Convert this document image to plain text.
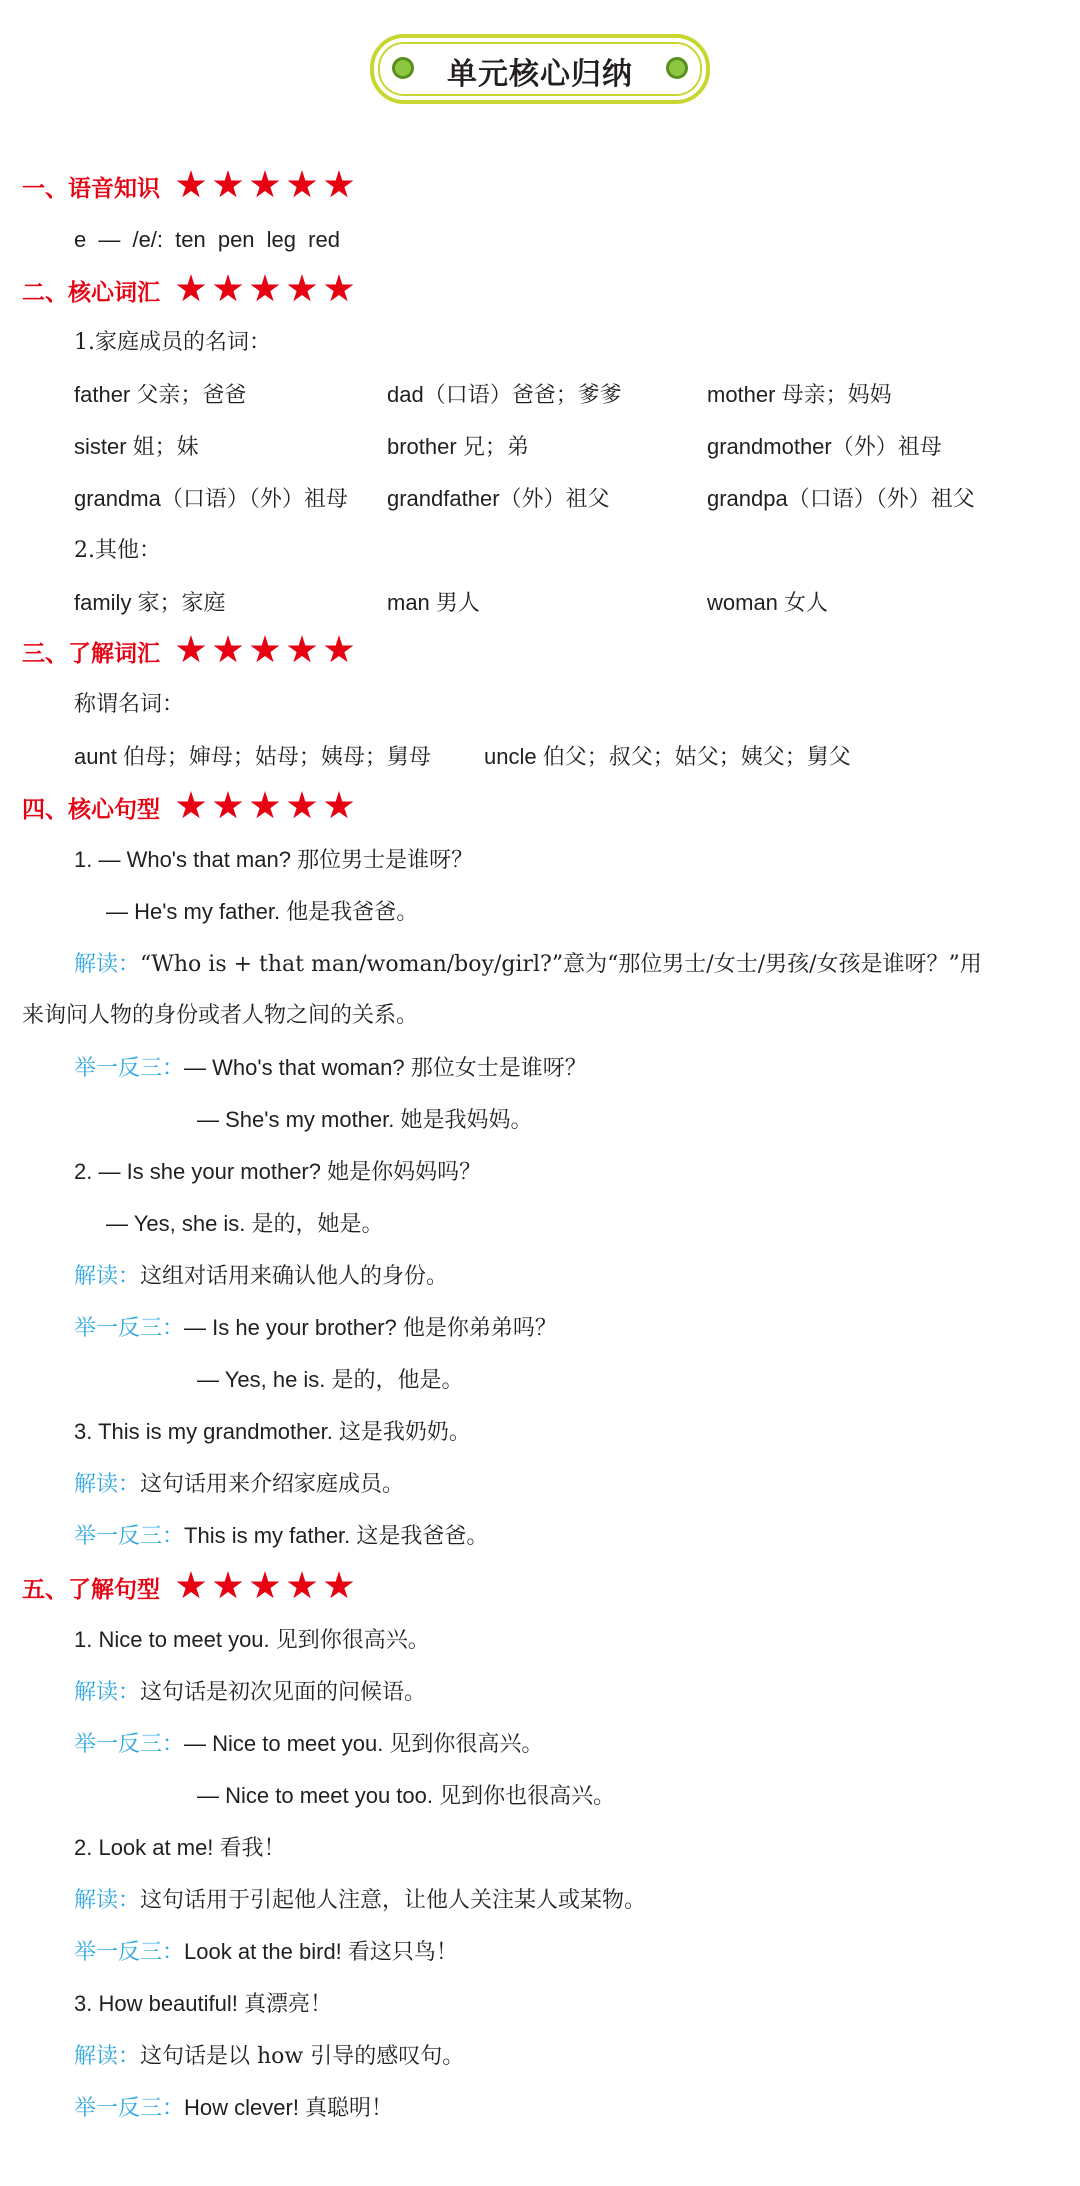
单元核心归纳
一、语音知识
e — /e/: ten pen leg red
二、核心词汇
1.家庭成员的名词：
father 父亲；爸爸	dad（口语）爸爸；爹爹	mother 母亲；妈妈
sister 姐；妹	brother 兄；弟	grandmother（外）祖母
grandma（口语）（外）祖母 grandfather（外）祖父	grandpa（口语）（外）祖父
2.其他：
family 家；家庭	man 男人	woman 女人
三、了解词汇
称谓名词：
aunt 伯母；婶母；姑母；姨母；舅母 uncle 伯父；叔父；姑父；姨父；舅父
四、核心句型
1. — Who's that man? 那位男士是谁呀？
— He's my father. 他是我爸爸。
解读：“Who is + that man/woman/boy/girl?”意为“那位男士/女士/男孩/女孩是谁呀？”用
来询问人物的身份或者人物之间的关系。
举一反三：— Who's that woman? 那位女士是谁呀？
— She's my mother. 她是我妈妈。
2. — Is she your mother? 她是你妈妈吗？
— Yes, she is. 是的，她是。
解读：这组对话用来确认他人的身份。
举一反三：— Is he your brother? 他是你弟弟吗？
— Yes, he is. 是的，他是。
3. This is my grandmother. 这是我奶奶。
解读：这句话用来介绍家庭成员。
举一反三：This is my father. 这是我爸爸。
五、了解句型
1. Nice to meet you. 见到你很高兴。
解读：这句话是初次见面的问候语。
举一反三：— Nice to meet you. 见到你很高兴。
— Nice to meet you too. 见到你也很高兴。
2. Look at me! 看我！
解读：这句话用于引起他人注意，让他人关注某人或某物。
举一反三：Look at the bird! 看这只鸟！
3. How beautiful! 真漂亮！
解读：这句话是以 how 引导的感叹句。
举一反三：How clever! 真聪明！
